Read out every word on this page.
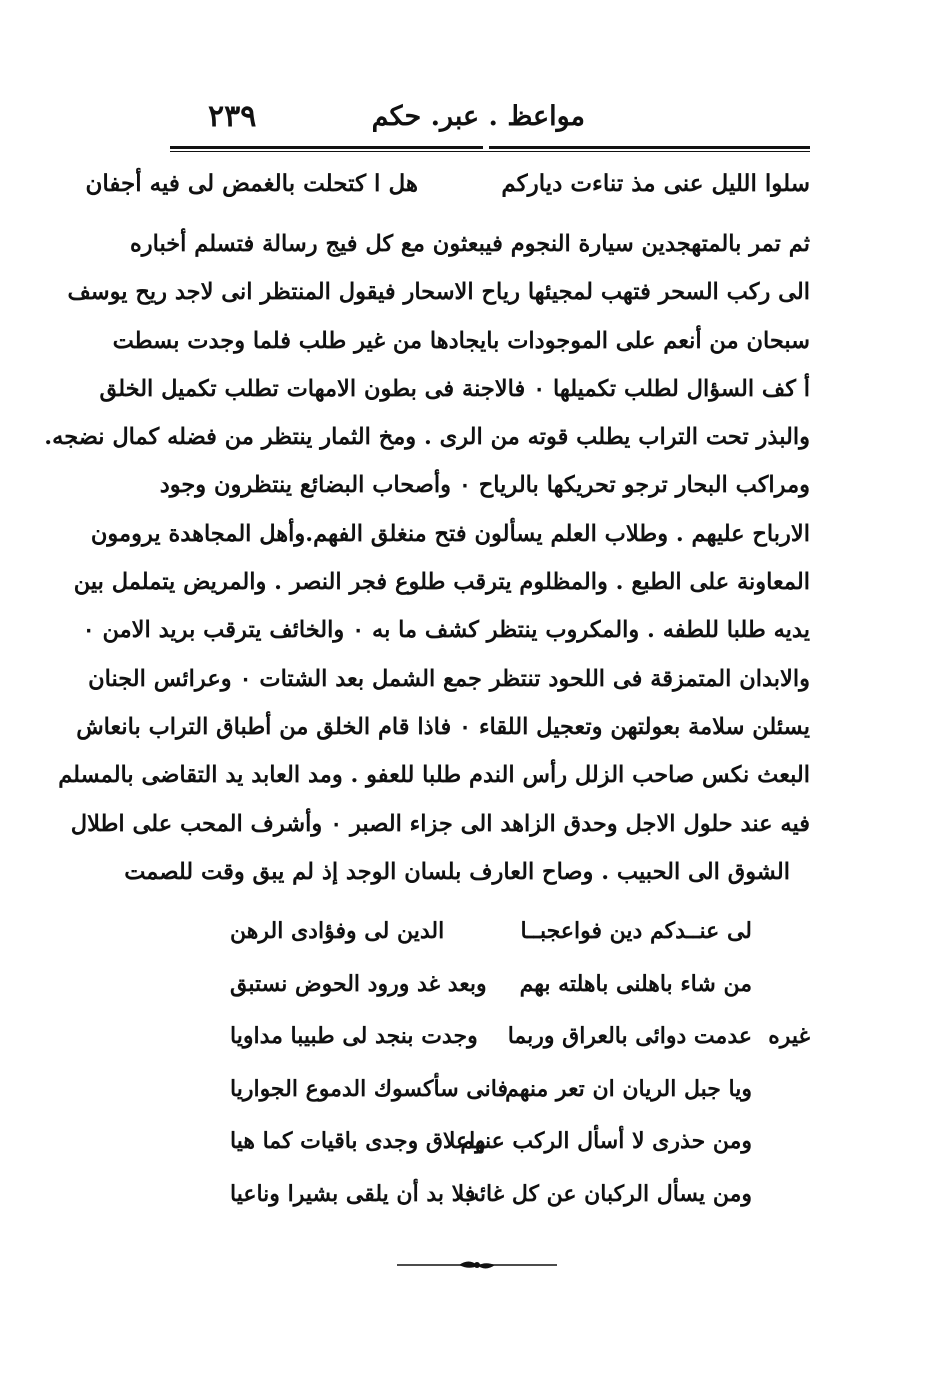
٢٣٩	مواعظ . عبر. حكم
سلوا الليل عنى مذ تناءت دياركم
هل ا كتحلت بالغمض لى فيه أجفان
ثم تمر بالمتهجدين سيارة النجوم فيبعثون مع كل فيج رسالة فتسلم أخباره
الى ركب السحر فتهب لمجيئها رياح الاسحار فيقول المنتظر انى لاجد ريح يوسف
سبحان من أنعم على الموجودات بايجادها من غير طلب فلما وجدت بسطت
أ كف السؤال لطلب تكميلها ٠ فالاجنة فى بطون الامهات تطلب تكميل الخلق
والبذر تحت التراب يطلب قوته من الرى . ومخ الثمار ينتظر من فضله كمال نضجه.
ومراكب البحار ترجو تحريكها بالرياح ٠ وأصحاب البضائع ينتظرون وجود
الارباح عليهم . وطلاب العلم يسألون فتح منغلق الفهم.وأهل المجاهدة يرومون
المعاونة على الطبع . والمظلوم يترقب طلوع فجر النصر . والمريض يتململ بين
يديه طلبا للطفه . والمكروب ينتظر كشف ما به ٠ والخائف يترقب بريد الامن ٠
والابدان المتمزقة فى اللحود تنتظر جمع الشمل بعد الشتات ٠ وعرائس الجنان
يسئلن سلامة بعولتهن وتعجيل اللقاء ٠ فاذا قام الخلق من أطباق التراب بانعاش
البعث نكس صاحب الزلل رأس الندم طلبا للعفو . ومد العابد يد التقاضى بالمسلم
فيه عند حلول الاجل وحدق الزاهد الى جزاء الصبر ٠ وأشرف المحب على اطلال
الشوق الى الحبيب . وصاح العارف بلسان الوجد إذ لم يبق وقت للصمت
لى عنــدكم دين فواعجبــا
الدين لى وفؤادى الرهن
من شاء باهلنى باهلته بهم
وبعد غد ورود الحوض نستبق
غيره
عدمت دوائى بالعراق وربما
وجدت بنجد لى طبيبا مداويا
ويا جبل الريان ان تعر منهم
فانى سأكسوك الدموع الجواريا
ومن حذرى لا أسأل الركب عنهم
واعلاق وجدى باقيات كما هيا
ومن يسأل الركبان عن كل غائب
فلا بد أن يلقى بشيرا وناعيا
